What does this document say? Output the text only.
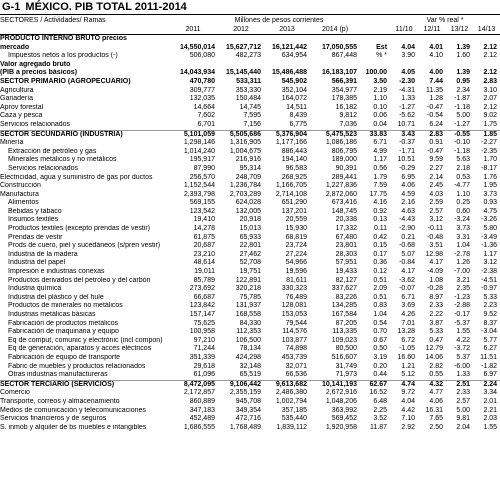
G-1 MÉXICO. PIB TOTAL 2011-2014
SECTORES / Actividades/ Ramas	Millones de pesos corrientes					Var % real *			
	2011	2012	2013	2014 (p)		11/10	12/11	13/12	14/13
PRODUCTO INTERNO BRUTO precios									
mercado	14,550,014	15,627,712	16,121,442	17,050,555	Est	4.04	4.01	1.39	2.12
Impuestos netos a los productos (-)	506,080	482,273	634,954	867,448	% *	3.90	4.10	1.60	2.12
Valor agregado bruto									
(PIB a precios básicos)	14,043,934	15,145,440	15,486,488	16,183,107	100.00	4.05	4.00	1.39	2.12
SECTOR PRIMARIO (AGROPECUARIO)	470,780	533,311	545,902	566,391	3.50	-2.30	7.44	0.95	2.83
Agricultura	309,777	353,330	352,104	354,977	2.19	-4.31	11.35	2.34	3.10
Ganadería	132,035	150,484	164,072	178,385	1.10	1.33	1.28	-1.87	2.07
Aprov forestal	14,664	14,745	14,511	16,182	0.10	-1.27	-0.47	-1.18	2.12
Caza y pesca	7,602	7,595	8,439	9,812	0.06	-5.62	-0.54	5.00	9.02
Servicios relacionados	6,701	7,156	6,775	7,036	0.04	10.71	6.24	-1.27	1.75
SECTOR SECUNDARIO (INDUSTRIA)	5,101,059	5,505,686	5,376,904	5,475,523	33.83	3.43	2.83	-0.55	1.85
Minería	1,298,146	1,316,905	1,177,166	1,086,186	6.71	-0.37	0.91	-0.10	-2.27
Extracción de petróleo y gas	1,014,240	1,004,675	886,443	806,795	4.99	-1.71	-0.47	-1.18	-2.35
Minerales metálicos y no metálicos	195,917	216,916	194,140	189,000	1.17	10.51	9.59	5.63	1.70
Servicios relacionados	87,990	95,314	96,583	90,391	0.56	-0.29	2.27	2.18	-8.17
Electricidad, agua y suministro de gas por ductos	256,570	248,709	268,925	289,441	1.79	6.95	2.14	0.53	1.76
Construcción	1,152,544	1,236,784	1,166,705	1,227,836	7.59	4.06	2.45	-4.77	1.95
Manufactura	2,393,798	2,703,289	2,714,108	2,872,060	17.75	4.59	4.03	1.10	3.73
Alimentos	569,155	624,028	651,290	673,416	4.16	2.16	2.59	0.25	0.93
Bebidas y tabaco	123,542	132,005	137,201	148,745	0.92	4.63	2.57	0.60	4.75
Insumos textiles	19,410	20,918	20,559	20,338	0.13	-4.43	3.12	-3.24	-3.26
Productos textiles (excepto prendas de vestir)	14,278	15,013	15,930	17,332	0.11	-2.90	-0.11	3.73	5.80
Prendas de vestir	61,875	65,933	68,819	67,480	0.42	0.21	-0.48	3.31	-3.49
Prods de cuero, piel y sucedáneos (s/pren vestir)	20,687	22,801	23,724	23,801	0.15	-0.68	3.51	1.04	-1.36
Industria de la madera	23,210	27,462	27,224	28,303	0.17	5.07	12.98	-2.78	1.17
Industria del papel	48,614	52,708	54,966	57,951	0.36	-0.84	4.17	1.26	3.12
Impresión e industrias conexas	19,011	19,751	19,596	19,433	0.12	4.17	-4.09	-7.00	-2.38
Productos derivados del petróleo y del carbón	85,789	122,891	81,611	82,127	0.51	-3.62	1.08	3.21	-4.51
Industria química	273,692	320,218	330,323	337,627	2.09	-0.07	-0.28	2.35	-0.97
Industria del plástico y del hule	66,687	75,785	76,489	83,226	0.51	6.71	8.97	-1.23	5.33
Productos de minerales no metálicos	123,842	131,937	128,081	134,285	0.83	3.69	2.33	-2.88	2.23
Industrias metálicas básicas	157,147	168,558	153,053	167,584	1.04	4.26	2.22	-0.17	9.52
Fabricación de productos metálicos	75,625	84,330	79,544	87,205	0.54	7.01	3.87	-5.37	8.37
Fabricación de maquinaria y equipo	100,958	112,353	114,576	113,335	0.70	13.28	5.33	1.55	-3.04
Eq de comput, comunic y electrónic (incl compon)	97,210	106,500	103,877	109,023	0.67	6.72	0.47	4.22	5.77
Eq de generación, aparatos y acces eléctricos	71,244	78,134	74,898	80,500	0.50	-1.05	12.79	-3.72	6.27
Fabricación de equipo de transporte	351,339	424,298	453,739	516,607	3.19	16.60	14.06	5.37	11.51
Fabric de muebles y productos relacionados	29,618	32,148	32,071	31,749	0.20	1.21	2.82	-6.00	-1.82
Otras industrias manufactureras	61,096	65,519	66,536	71,973	0.44	5.12	0.55	1.33	6.97
SECTOR TERCIARIO (SERVICIOS)	8,472,095	9,106,442	9,613,682	10,141,193	62.67	4.74	4.32	2.51	2.24
Comercio	2,172,857	2,355,159	2,486,380	2,672,916	16.52	9.72	4.77	2.33	3.34
Transporte, correos y almacenamiento	860,889	945,708	1,002,794	1,048,206	6.48	4.04	4.06	2.57	2.01
Medios de comunicación y telecomunicaciones	347,183	349,354	357,185	363,992	2.25	4.42	16.31	5.00	2.21
Servicios financieros y de seguros	452,489	472,716	535,440	569,452	3.52	7.10	7.65	9.81	2.03
S. inmob y alquiler de bs muebles e intangibles	1,686,555	1,768,489	1,839,112	1,920,958	11.87	2.92	2.50	2.04	1.55
